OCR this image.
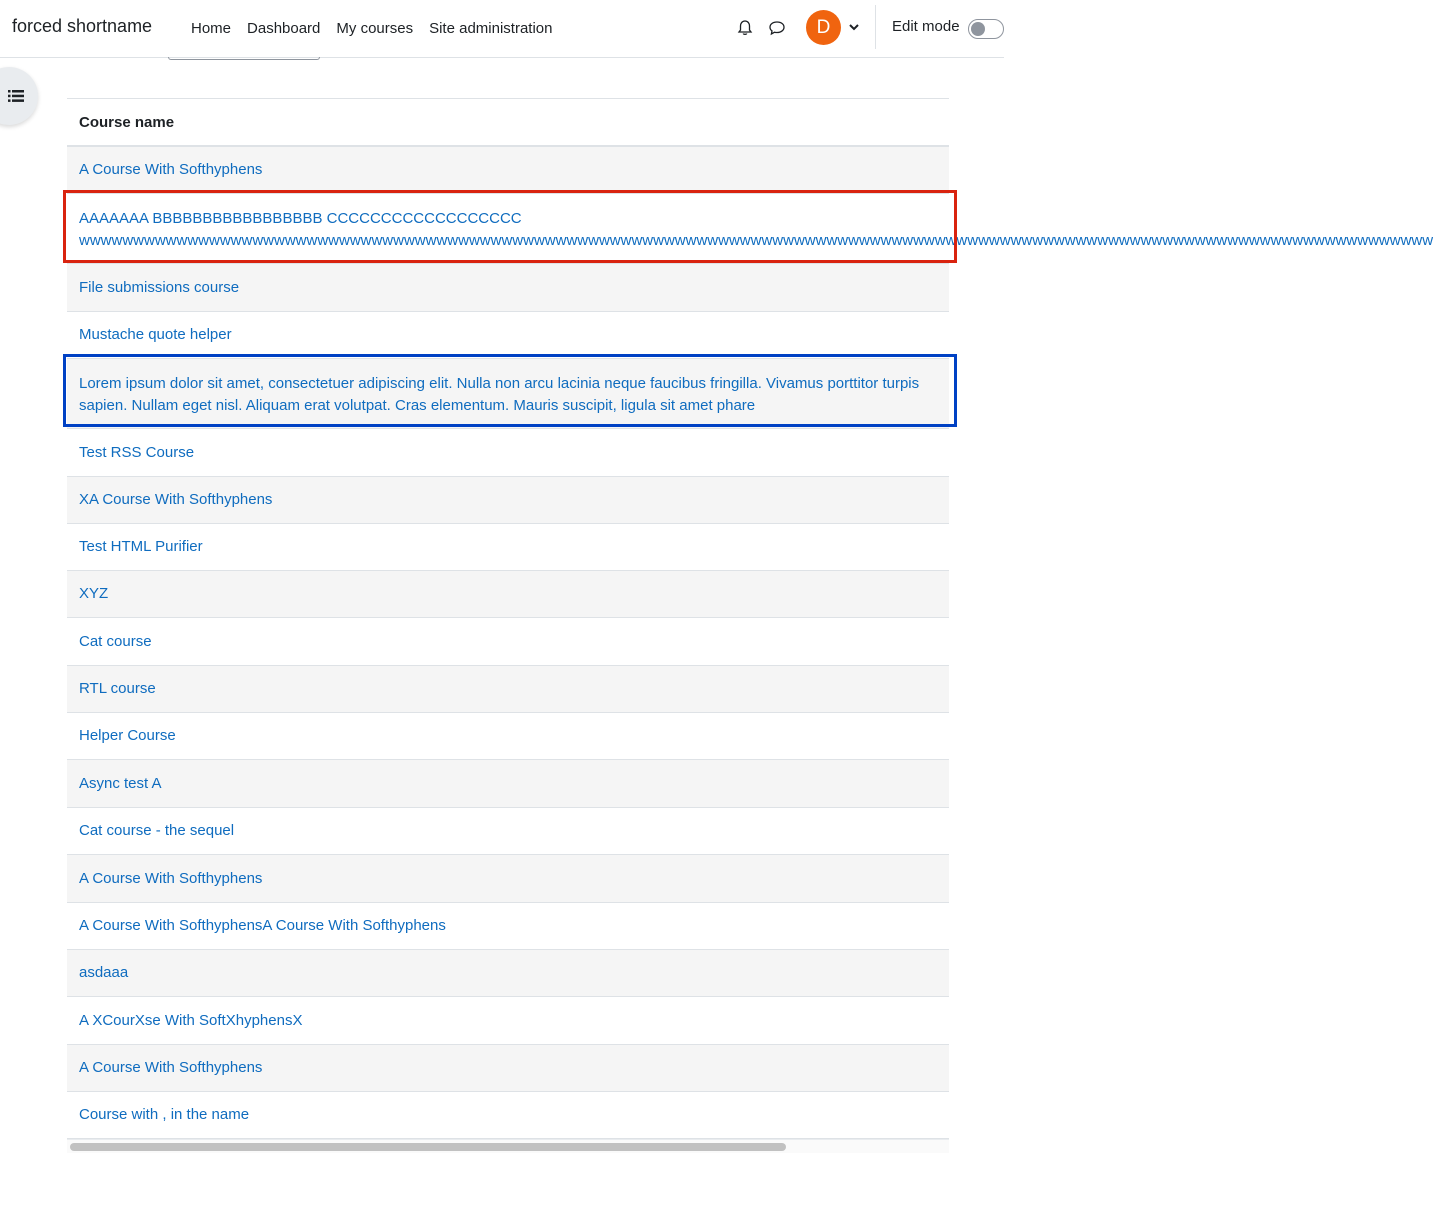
forced shortname	Home	Dashboard	My courses	Site administration	D	Edit mode
Course name
A Course With Softhyphens
AAAAAAA BBBBBBBBBBBBBBBBB CCCCCCCCCCCCCCCCCC
wwwwwwwwwwwwwwwwwwwwwwwwwwwwwwwwwwwwwwwwwwwwwwwwwwwwwwwwwwwwwwwwwwwwwwwwwwwwwwwwwwwwwwwwwwwwwwwwwwwwwwwwwwwwwwwwwwwwwwwwwwwww
File submissions course
Mustache quote helper
Lorem ipsum dolor sit amet, consectetuer adipiscing elit. Nulla non arcu lacinia neque faucibus fringilla. Vivamus porttitor turpis sapien. Nullam eget nisl. Aliquam erat volutpat. Cras elementum. Mauris suscipit, ligula sit amet phare
Test RSS Course
XA Course With Softhyphens
Test HTML Purifier
XYZ
Cat course
RTL course
Helper Course
Async test A
Cat course - the sequel
A Course With Softhyphens
A Course With SofthyphensA Course With Softhyphens
asdaaa
A XCourXse With SoftXhyphensX
A Course With Softhyphens
Course with , in the name
